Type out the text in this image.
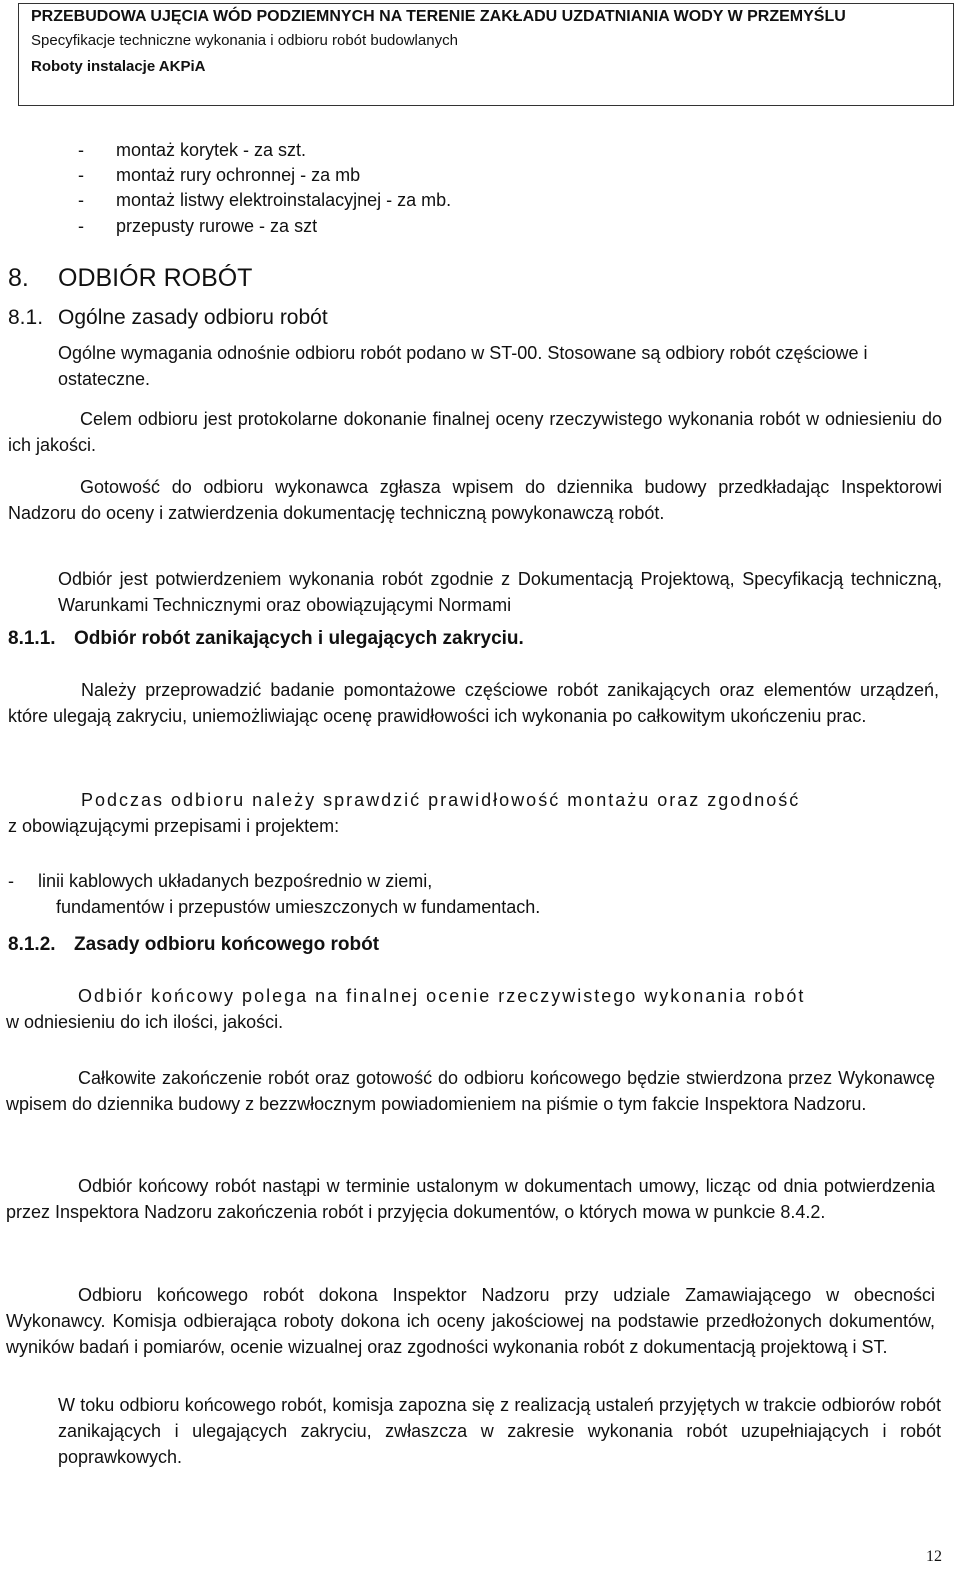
PRZEBUDOWA UJĘCIA WÓD PODZIEMNYCH NA TERENIE ZAKŁADU UZDATNIANIA WODY W PRZEMYŚLU
Specyfikacje techniczne wykonania i odbioru robót budowlanych
Roboty instalacje AKPiA
- montaż korytek - za szt.
- montaż rury ochronnej - za mb
- montaż listwy elektroinstalacyjnej - za mb.
- przepusty rurowe - za szt
8. ODBIÓR ROBÓT
8.1. Ogólne zasady odbioru robót

Ogólne wymagania odnośnie odbioru robót podano w ST-00. Stosowane są odbiory robót częściowe i ostateczne.

Celem odbioru jest protokolarne dokonanie finalnej oceny rzeczywistego wykonania robót w odniesieniu do ich jakości.

Gotowość do odbioru wykonawca zgłasza wpisem do dziennika budowy przedkładając Inspektorowi Nadzoru do oceny i zatwierdzenia dokumentację techniczną powykonawczą robót.

Odbiór jest potwierdzeniem wykonania robót zgodnie z Dokumentacją Projektową, Specyfikacją techniczną, Warunkami Technicznymi oraz obowiązującymi Normami

8.1.1. Odbiór robót zanikających i ulegających zakryciu.

Należy przeprowadzić badanie pomontażowe częściowe robót zanikających oraz elementów urządzeń, które ulegają zakryciu, uniemożliwiając ocenę prawidłowości ich wykonania po całkowitym ukończeniu prac.

Podczas odbioru należy sprawdzić prawidłowość montażu oraz zgodność
z obowiązującymi przepisami i projektem:
- linii kablowych układanych bezpośrednio w ziemi,
fundamentów i przepustów umieszczonych w fundamentach.
8.1.2. Zasady odbioru końcowego robót
Odbiór końcowy polega na finalnej ocenie rzeczywistego wykonania robót
w odniesieniu do ich ilości, jakości.

Całkowite zakończenie robót oraz gotowość do odbioru końcowego będzie stwierdzona przez Wykonawcę wpisem do dziennika budowy z bezzwłocznym powiadomieniem na piśmie o tym fakcie Inspektora Nadzoru.

Odbiór końcowy robót nastąpi w terminie ustalonym w dokumentach umowy, licząc od dnia potwierdzenia przez Inspektora Nadzoru zakończenia robót i przyjęcia dokumentów, o których mowa w punkcie 8.4.2.

Odbioru końcowego robót dokona Inspektor Nadzoru przy udziale Zamawiającego w obecności Wykonawcy. Komisja odbierająca roboty dokona ich oceny jakościowej na podstawie przedłożonych dokumentów, wyników badań i pomiarów, ocenie wizualnej oraz zgodności wykonania robót z dokumentacją projektową i ST.

W toku odbioru końcowego robót, komisja zapozna się z realizacją ustaleń przyjętych w trakcie odbiorów robót zanikających i ulegających zakryciu, zwłaszcza w zakresie wykonania robót uzupełniających i robót poprawkowych.

12
